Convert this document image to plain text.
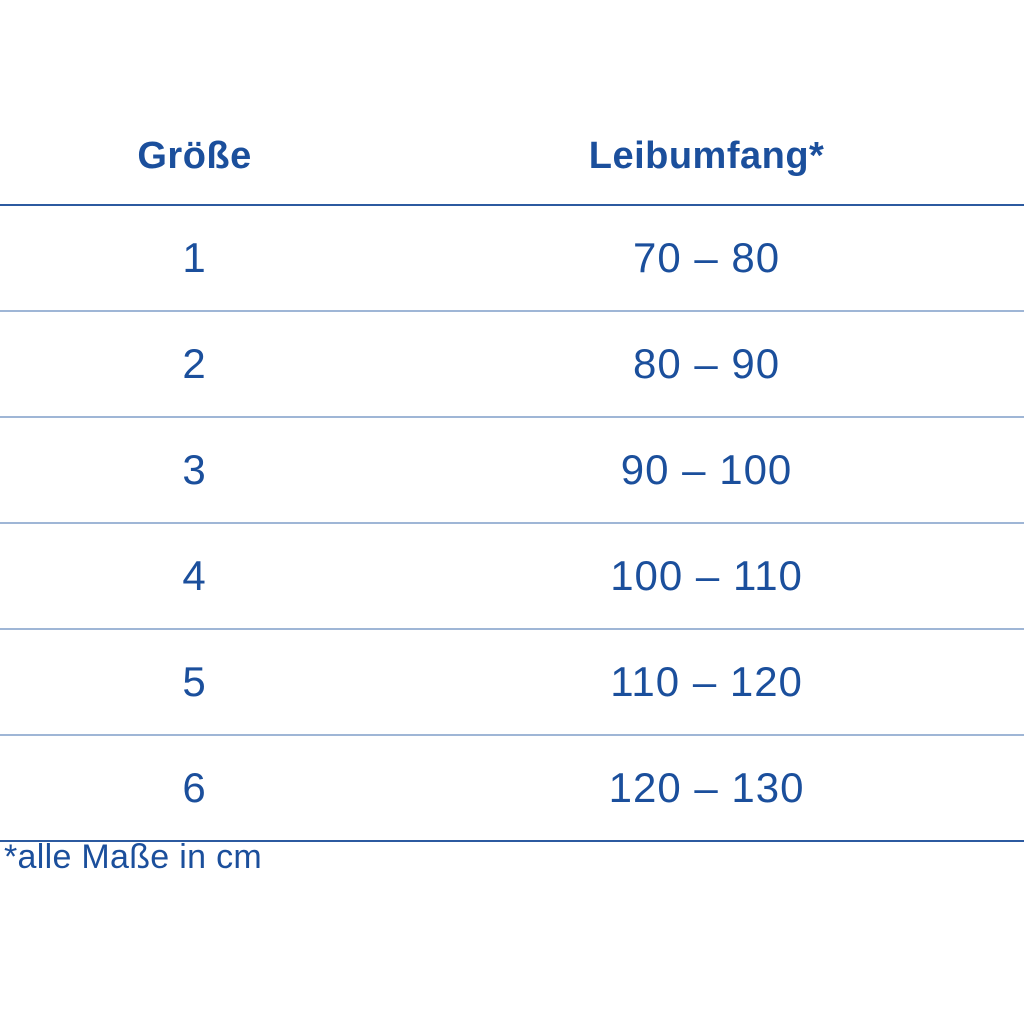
Größe	Leibumfang*
1	70 – 80
2	80 – 90
3	90 – 100
4	100 – 110
5	110 – 120
6	120 – 130
*alle Maße in cm
